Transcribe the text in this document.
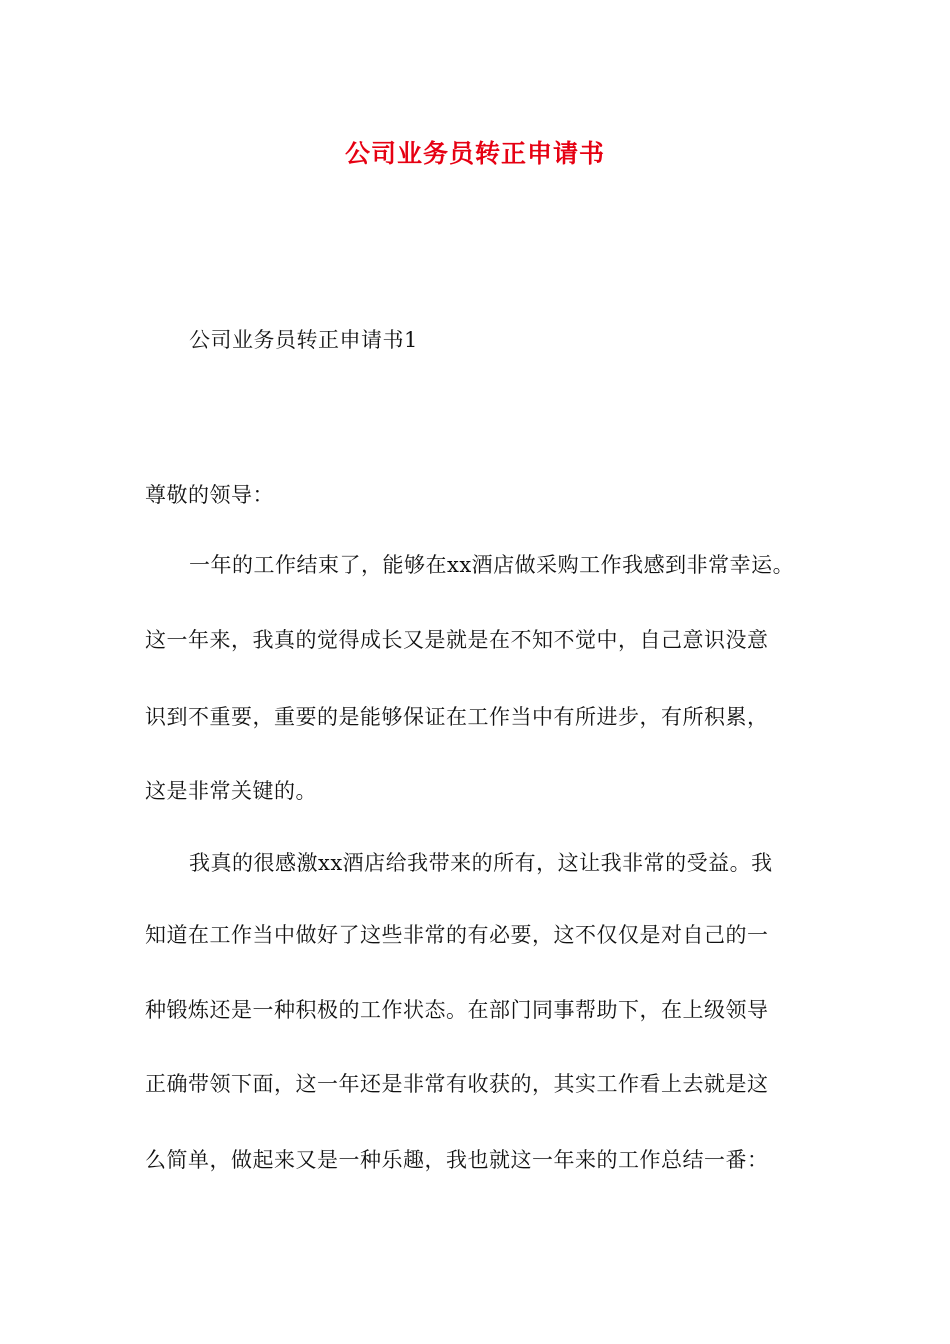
公司业务员转正申请书
公司业务员转正申请书1
尊敬的领导：
一年的工作结束了，能够在xx酒店做采购工作我感到非常幸运。
这一年来，我真的觉得成长又是就是在不知不觉中，自己意识没意
识到不重要，重要的是能够保证在工作当中有所进步，有所积累，
这是非常关键的。
我真的很感激xx酒店给我带来的所有，这让我非常的受益。我
知道在工作当中做好了这些非常的有必要，这不仅仅是对自己的一
种锻炼还是一种积极的工作状态。在部门同事帮助下，在上级领导
正确带领下面，这一年还是非常有收获的，其实工作看上去就是这
么简单，做起来又是一种乐趣，我也就这一年来的工作总结一番：
